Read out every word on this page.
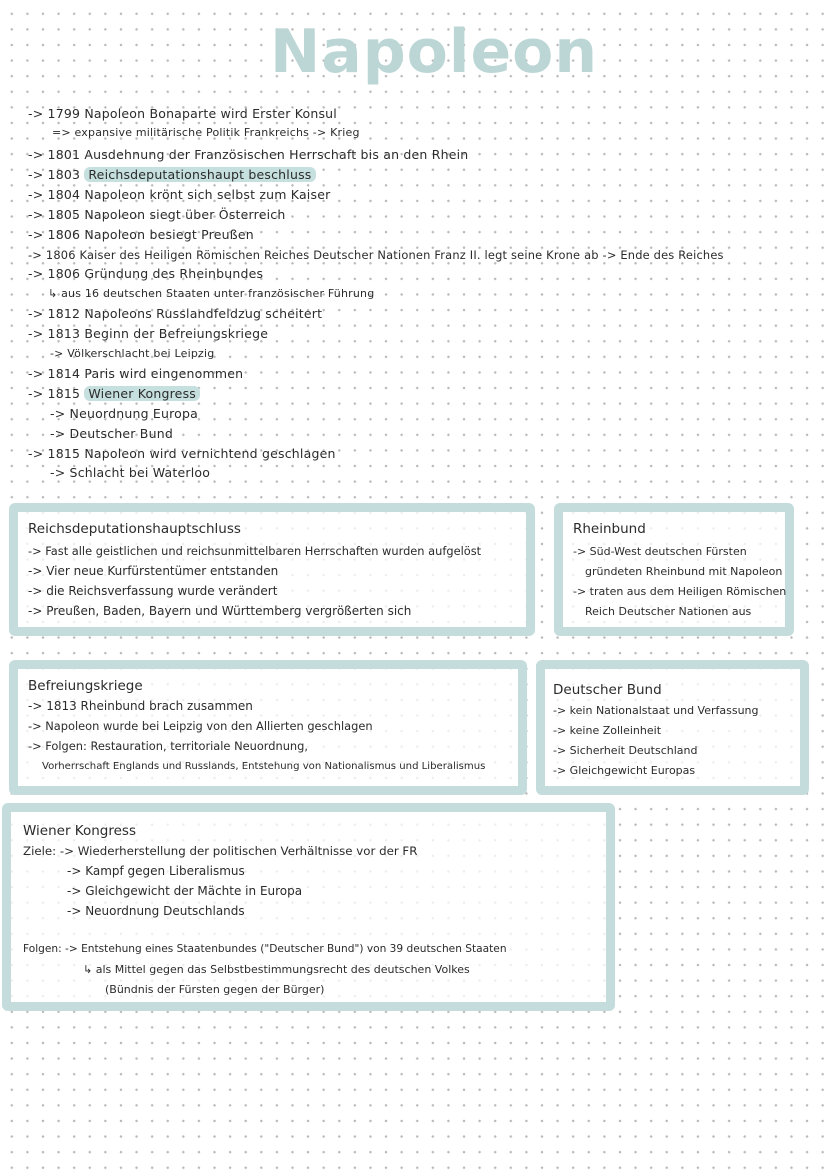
Napoleon
-> 1799 Napoleon Bonaparte wird Erster Konsul
=> expansive militärische Politik Frankreichs -> Krieg
-> 1801 Ausdehnung der Französischen Herrschaft bis an den Rhein
-> 1803 Reichsdeputationshaupt beschluss
-> 1804 Napoleon krönt sich selbst zum Kaiser
-> 1805 Napoleon siegt über Österreich
-> 1806 Napoleon besiegt Preußen
-> 1806 Kaiser des Heiligen Römischen Reiches Deutscher Nationen Franz II. legt seine Krone ab -> Ende des Reiches
-> 1806 Gründung des Rheinbundes
↳ aus 16 deutschen Staaten unter französischer Führung
-> 1812 Napoleons Russlandfeldzug scheitert
-> 1813 Beginn der Befreiungskriege
-> Völkerschlacht bei Leipzig
-> 1814 Paris wird eingenommen
-> 1815 Wiener Kongress
-> Neuordnung Europa
-> Deutscher Bund
-> 1815 Napoleon wird vernichtend geschlagen
-> Schlacht bei Waterloo
Reichsdeputationshauptschluss
-> Fast alle geistlichen und reichsunmittelbaren Herrschaften wurden aufgelöst
-> Vier neue Kurfürstentümer entstanden
-> die Reichsverfassung wurde verändert
-> Preußen, Baden, Bayern und Württemberg vergrößerten sich
Rheinbund
-> Süd-West deutschen Fürsten
gründeten Rheinbund mit Napoleon
-> traten aus dem Heiligen Römischen
Reich Deutscher Nationen aus
Befreiungskriege
-> 1813 Rheinbund brach zusammen
-> Napoleon wurde bei Leipzig von den Allierten geschlagen
-> Folgen: Restauration, territoriale Neuordnung,
Vorherrschaft Englands und Russlands, Entstehung von Nationalismus und Liberalismus
Deutscher Bund
-> kein Nationalstaat und Verfassung
-> keine Zolleinheit
-> Sicherheit Deutschland
-> Gleichgewicht Europas
Wiener Kongress
Ziele: -> Wiederherstellung der politischen Verhältnisse vor der FR
-> Kampf gegen Liberalismus
-> Gleichgewicht der Mächte in Europa
-> Neuordnung Deutschlands
Folgen: -> Entstehung eines Staatenbundes ("Deutscher Bund") von 39 deutschen Staaten
↳ als Mittel gegen das Selbstbestimmungsrecht des deutschen Volkes
(Bündnis der Fürsten gegen der Bürger)
